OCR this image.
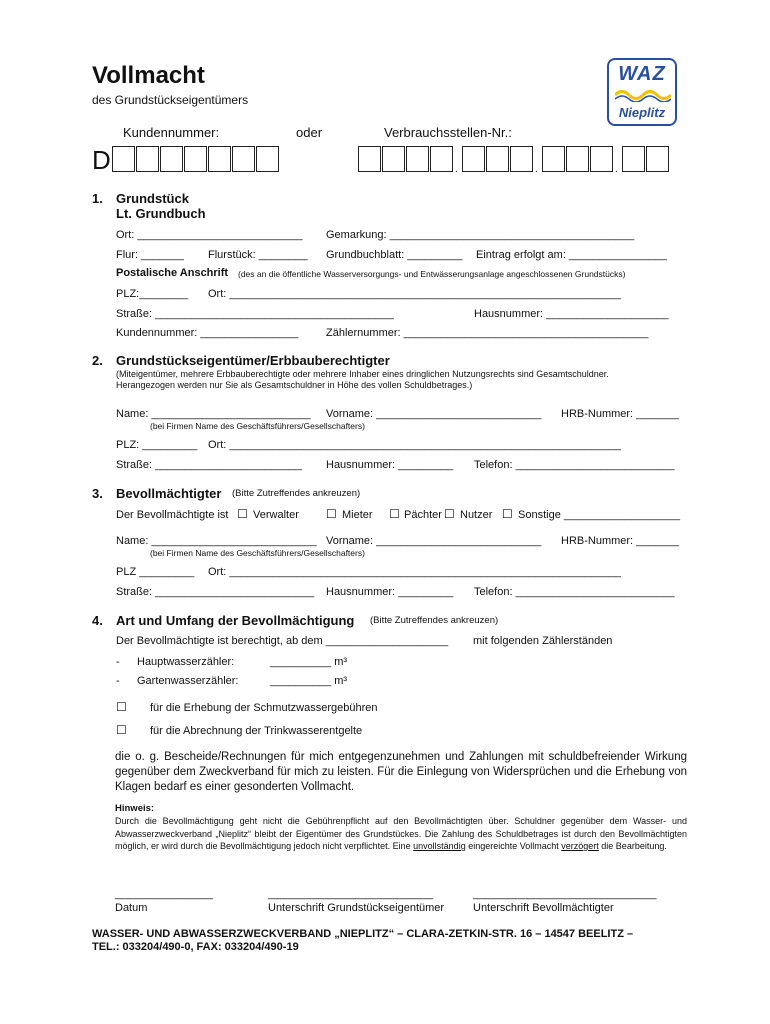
Vollmacht
des Grundstückseigentümers
WAZ
Nieplitz
Kundennummer:	oder	Verbrauchsstellen-Nr.:
D	.	.	.
1. Grundstück
Lt. Grundbuch
Ort: ___________________________ Gemarkung: ________________________________________
Flur: _______ Flurstück: ________ Grundbuchblatt: _________ Eintrag erfolgt am: ________________
Postalische Anschrift (des an die öffentliche Wasserversorgungs- und Entwässerungsanlage angeschlossenen Grundstücks)
PLZ:________ Ort: ________________________________________________________________
Straße: _______________________________________	Hausnummer: ____________________
Kundennummer: ________________	Zählernummer: ________________________________________
2. Grundstückseigentümer/Erbbauberechtigter
(Miteigentümer, mehrere Erbbauberechtigte oder mehrere Inhaber eines dringlichen Nutzungsrechts sind Gesamtschuldner.
Herangezogen werden nur Sie als Gesamtschuldner in Höhe des vollen Schuldbetrages.)
Name: __________________________ Vorname: ___________________________ HRB-Nummer: _______
(bei Firmen Name des Geschäftsführers/Gesellschafters)
PLZ: _________ Ort: ________________________________________________________________
Straße: ________________________ Hausnummer: _________ Telefon: __________________________
3. Bevollmächtigter (Bitte Zutreffendes ankreuzen)
Der Bevollmächtigte ist ☐ Verwalter ☐ Mieter ☐ Pächter ☐ Nutzer ☐ Sonstige ___________________
Name: ___________________________ Vorname: ___________________________ HRB-Nummer: _______
(bei Firmen Name des Geschäftsführers/Gesellschafters)
PLZ _________ Ort: ________________________________________________________________
Straße: __________________________ Hausnummer: _________ Telefon: __________________________
4. Art und Umfang der Bevollmächtigung (Bitte Zutreffendes ankreuzen)
Der Bevollmächtigte ist berechtigt, ab dem ____________________ mit folgenden Zählerständen
- Hauptwasserzähler:	__________ m³
- Gartenwasserzähler:	__________ m³
☐ für die Erhebung der Schmutzwassergebühren
☐ für die Abrechnung der Trinkwasserentgelte
die o. g. Bescheide/Rechnungen für mich entgegenzunehmen und Zahlungen mit schuldbefreiender Wirkung gegenüber dem Zweckverband für mich zu leisten. Für die Einlegung von Widersprüchen und die Erhebung von Klagen bedarf es einer gesonderten Vollmacht.
Hinweis:
Durch die Bevollmächtigung geht nicht die Gebührenpflicht auf den Bevollmächtigten über. Schuldner gegenüber dem Wasser- und Abwasserzweckverband „Nieplitz“ bleibt der Eigentümer des Grundstückes. Die Zahlung des Schuldbetrages ist durch den Bevollmächtigten möglich, er wird durch die Bevollmächtigung jedoch nicht verpflichtet. Eine unvollständig eingereichte Vollmacht verzögert die Bearbeitung.
________________	___________________________	______________________________
Datum	Unterschrift Grundstückseigentümer	Unterschrift Bevollmächtigter
WASSER- UND ABWASSERZWECKVERBAND „NIEPLITZ“ – CLARA-ZETKIN-STR. 16 – 14547 BEELITZ –
TEL.: 033204/490-0, FAX: 033204/490-19
